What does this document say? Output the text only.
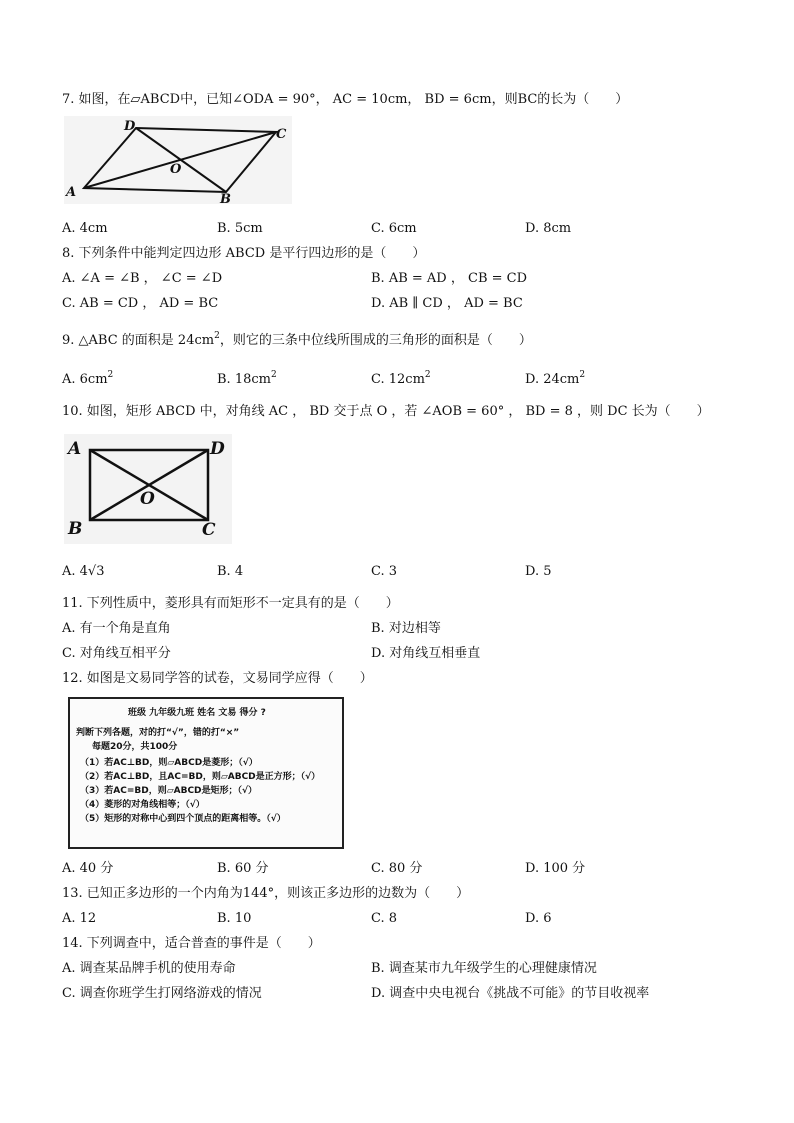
7. 如图，在▱ABCD中，已知∠ODA = 90°， AC = 10cm， BD = 6cm，则BC的长为（　　）
A	B
C
D
O
A. 4cm	B. 5cm	C. 6cm	D. 8cm
8. 下列条件中能判定四边形 ABCD 是平行四边形的是（　　）
A. ∠A = ∠B ， ∠C = ∠D	B. AB = AD ， CB = CD
C. AB = CD ， AD = BC	D. AB ∥ CD ， AD = BC
9. △ABC 的面积是 $24cm^2$，则它的三条中位线所围成的三角形的面积是（　　）
A. $6cm^2$	B. $18cm^2$	C. $12cm^2$	D. $24cm^2$
10. 如图，矩形 ABCD 中，对角线 AC ， BD 交于点 O ，若 ∠AOB = 60° ， BD = 8 ，则 DC 长为（　　）
A
B	C
D
O
A. 4√3	B. 4	C. 3	D. 5
11. 下列性质中，菱形具有而矩形不一定具有的是（　　）
A. 有一个角是直角	B. 对边相等
C. 对角线互相平分	D. 对角线互相垂直
12. 如图是文易同学答的试卷，文易同学应得（　　）
班级 九年级九班 姓名 文易 得分 ?
判断下列各题，对的打“√”，错的打“×”
每题20分，共100分
（1）若AC⊥BD，则▱ABCD是菱形；（√）
（2）若AC⊥BD，且AC=BD，则▱ABCD是正方形；（√）
（3）若AC=BD，则▱ABCD是矩形；（√）
（4）菱形的对角线相等；（√）
（5）矩形的对称中心到四个顶点的距离相等。（√）
A. 40 分	B. 60 分	C. 80 分	D. 100 分
13. 已知正多边形的一个内角为144°，则该正多边形的边数为（　　）
A. 12	B. 10	C. 8	D. 6
14. 下列调查中，适合普查的事件是（　　）
A. 调查某品牌手机的使用寿命	B. 调查某市九年级学生的心理健康情况
C. 调查你班学生打网络游戏的情况	D. 调查中央电视台《挑战不可能》的节目收视率
